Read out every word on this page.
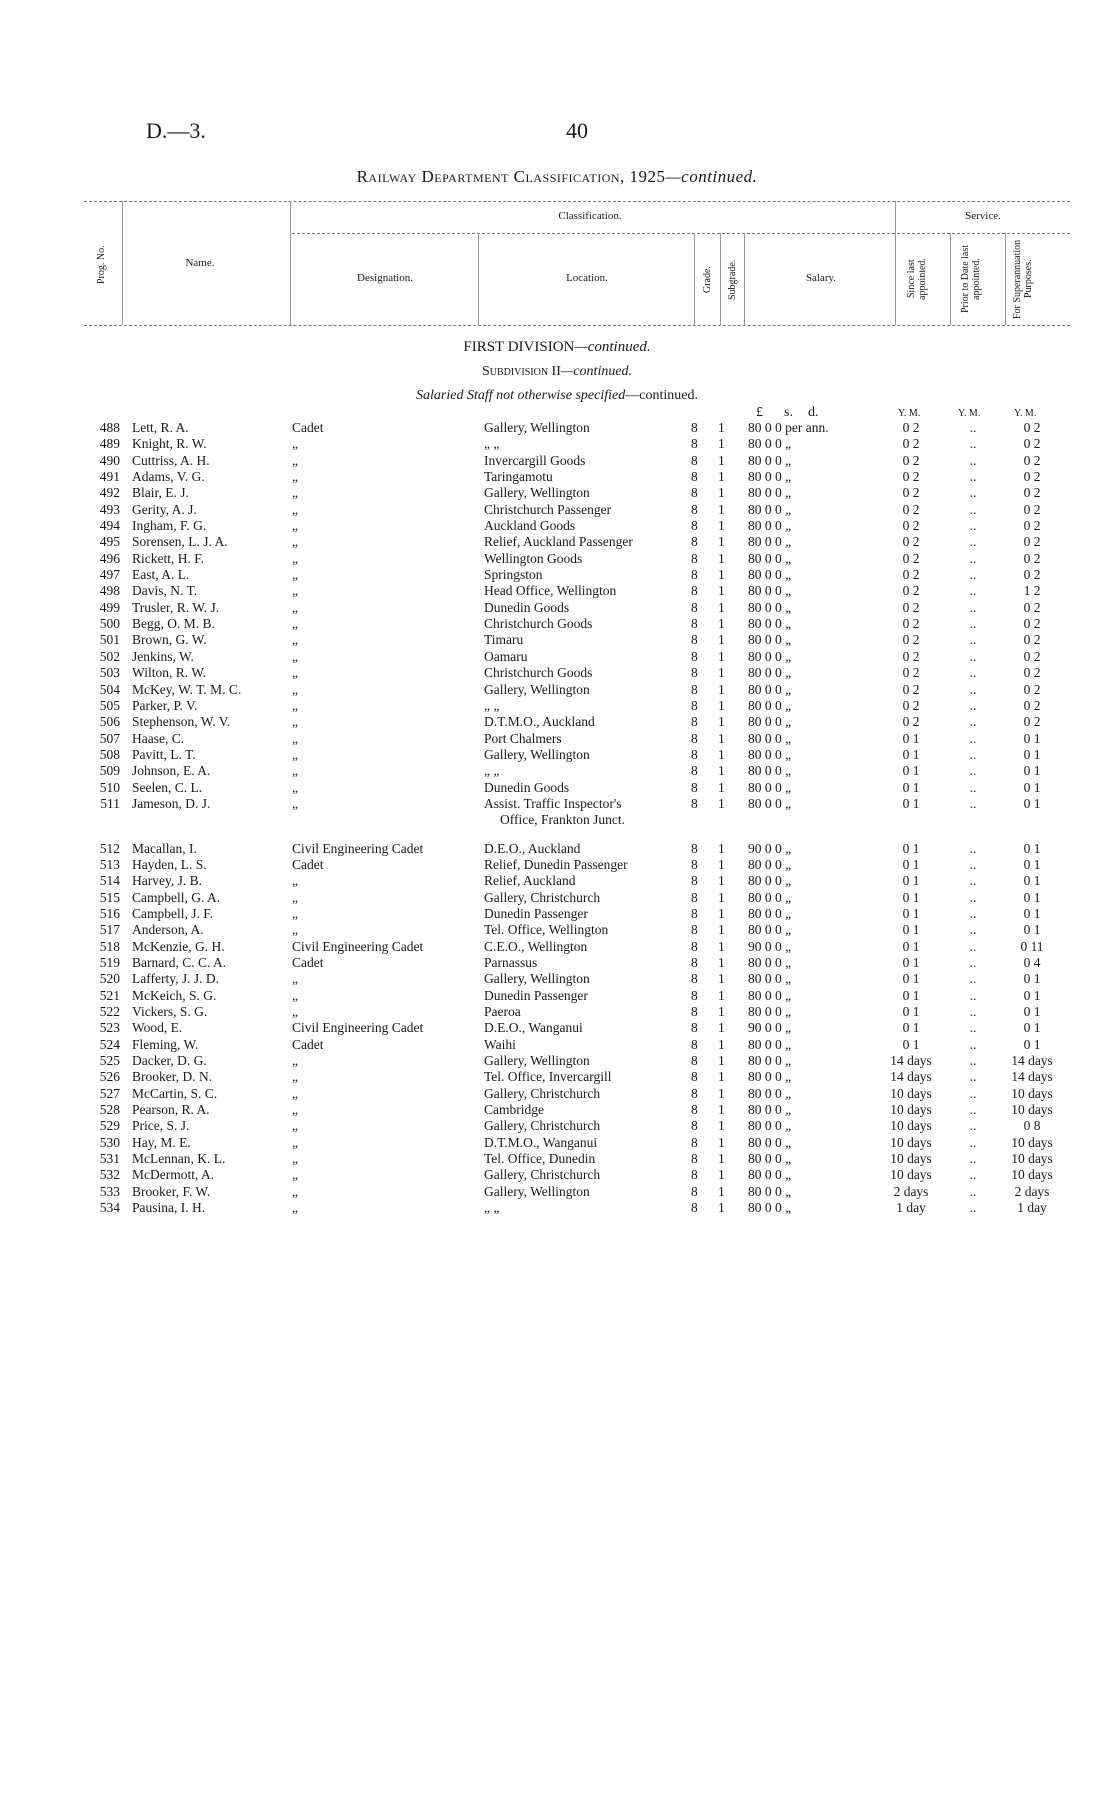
D.—3.	40
Railway Department Classification, 1925—continued.
Prog. No.	Name.
Classification.
Designation.	Location.	Grade. Subgrade.	Salary.
Service.
Since last appointed.	Prior to Date last appointed.	For Superannuation Purposes.
FIRST DIVISION—continued.
Subdivision II—continued.
Salaried Staff not otherwise specified—continued.
£ s. d.	Y. M.	Y. M.	Y. M.
488 Lett, R. A.	Cadet	Gallery, Wellington	8 1 80 0 0 per ann.	0 2	..	0 2
489 Knight, R. W.	„	„ „	8 1 80 0 0 „	0 2	..	0 2
490 Cuttriss, A. H.	„	Invercargill Goods	8 1 80 0 0 „	0 2	..	0 2
491 Adams, V. G.	„	Taringamotu	8 1 80 0 0 „	0 2	..	0 2
492 Blair, E. J.	„	Gallery, Wellington	8 1 80 0 0 „	0 2	..	0 2
493 Gerity, A. J.	„	Christchurch Passenger	8 1 80 0 0 „	0 2	..	0 2
494 Ingham, F. G.	„	Auckland Goods	8 1 80 0 0 „	0 2	..	0 2
495 Sorensen, L. J. A.	„	Relief, Auckland Passenger	8 1 80 0 0 „	0 2	..	0 2
496 Rickett, H. F.	„	Wellington Goods	8 1 80 0 0 „	0 2	..	0 2
497 East, A. L.	„	Springston	8 1 80 0 0 „	0 2	..	0 2
498 Davis, N. T.	„	Head Office, Wellington	8 1 80 0 0 „	0 2	..	1 2
499 Trusler, R. W. J.	„	Dunedin Goods	8 1 80 0 0 „	0 2	..	0 2
500 Begg, O. M. B.	„	Christchurch Goods	8 1 80 0 0 „	0 2	..	0 2
501 Brown, G. W.	„	Timaru	8 1 80 0 0 „	0 2	..	0 2
502 Jenkins, W.	„	Oamaru	8 1 80 0 0 „	0 2	..	0 2
503 Wilton, R. W.	„	Christchurch Goods	8 1 80 0 0 „	0 2	..	0 2
504 McKey, W. T. M. C.	„	Gallery, Wellington	8 1 80 0 0 „	0 2	..	0 2
505 Parker, P. V.	„	„ „	8 1 80 0 0 „	0 2	..	0 2
506 Stephenson, W. V.	„	D.T.M.O., Auckland	8 1 80 0 0 „	0 2	..	0 2
507 Haase, C.	„	Port Chalmers	8 1 80 0 0 „	0 1	..	0 1
508 Pavitt, L. T.	„	Gallery, Wellington	8 1 80 0 0 „	0 1	..	0 1
509 Johnson, E. A.	„	„ „	8 1 80 0 0 „	0 1	..	0 1
510 Seelen, C. L.	„	Dunedin Goods	8 1 80 0 0 „	0 1	..	0 1
511 Jameson, D. J.	„	Assist. Traffic Inspector's	8 1 80 0 0 „	0 1	..	0 1
Office, Frankton Junct.
512 Macallan, I.	Civil Engineering Cadet	D.E.O., Auckland	8 1 90 0 0 „	0 1	..	0 1
513 Hayden, L. S.	Cadet	Relief, Dunedin Passenger	8 1 80 0 0 „	0 1	..	0 1
514 Harvey, J. B.	„	Relief, Auckland	8 1 80 0 0 „	0 1	..	0 1
515 Campbell, G. A.	„	Gallery, Christchurch	8 1 80 0 0 „	0 1	..	0 1
516 Campbell, J. F.	„	Dunedin Passenger	8 1 80 0 0 „	0 1	..	0 1
517 Anderson, A.	„	Tel. Office, Wellington	8 1 80 0 0 „	0 1	..	0 1
518 McKenzie, G. H.	Civil Engineering Cadet	C.E.O., Wellington	8 1 90 0 0 „	0 1	..	0 11
519 Barnard, C. C. A.	Cadet	Parnassus	8 1 80 0 0 „	0 1	..	0 4
520 Lafferty, J. J. D.	„	Gallery, Wellington	8 1 80 0 0 „	0 1	..	0 1
521 McKeich, S. G.	„	Dunedin Passenger	8 1 80 0 0 „	0 1	..	0 1
522 Vickers, S. G.	„	Paeroa	8 1 80 0 0 „	0 1	..	0 1
523 Wood, E.	Civil Engineering Cadet	D.E.O., Wanganui	8 1 90 0 0 „	0 1	..	0 1
524 Fleming, W.	Cadet	Waihi	8 1 80 0 0 „	0 1	..	0 1
525 Dacker, D. G.	„	Gallery, Wellington	8 1 80 0 0 „	14 days	..	14 days
526 Brooker, D. N.	„	Tel. Office, Invercargill	8 1 80 0 0 „	14 days	..	14 days
527 McCartin, S. C.	„	Gallery, Christchurch	8 1 80 0 0 „	10 days	..	10 days
528 Pearson, R. A.	„	Cambridge	8 1 80 0 0 „	10 days	..	10 days
529 Price, S. J.	„	Gallery, Christchurch	8 1 80 0 0 „	10 days	..	0 8
530 Hay, M. E.	„	D.T.M.O., Wanganui	8 1 80 0 0 „	10 days	..	10 days
531 McLennan, K. L.	„	Tel. Office, Dunedin	8 1 80 0 0 „	10 days	..	10 days
532 McDermott, A.	„	Gallery, Christchurch	8 1 80 0 0 „	10 days	..	10 days
533 Brooker, F. W.	„	Gallery, Wellington	8 1 80 0 0 „	2 days	..	2 days
534 Pausina, I. H.	„	„ „	8 1 80 0 0 „	1 day	..	1 day
